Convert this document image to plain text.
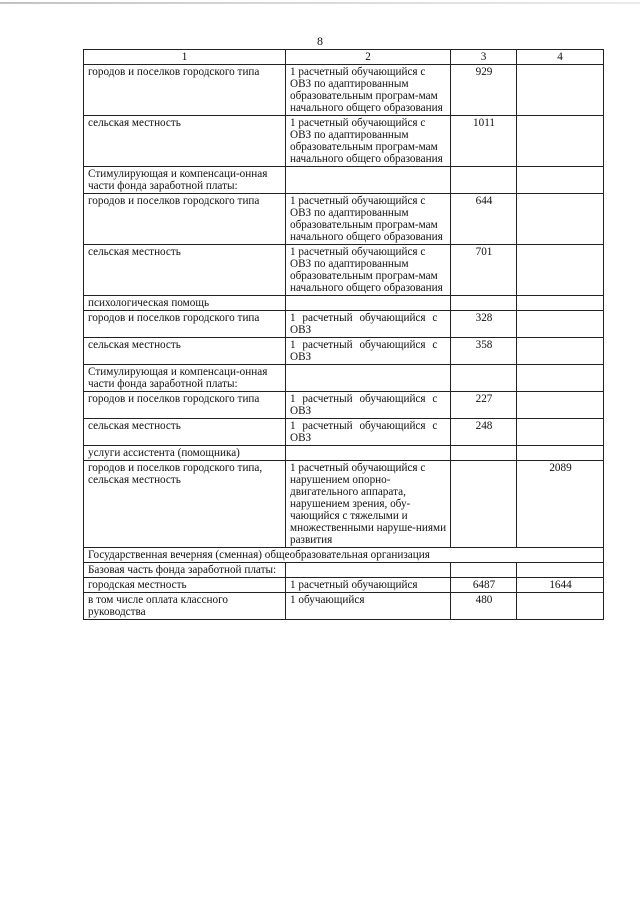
8
1	2	3	4
городов и поселков городского типа	1 расчетный обучающийся с ОВЗ по адаптированным образовательным програм-мам начального общего образования	929	
сельская местность	1 расчетный обучающийся с ОВЗ по адаптированным образовательным програм-мам начального общего образования	1011	
Стимулирующая и компенсаци-онная части фонда заработной платы:			
городов и поселков городского типа	1 расчетный обучающийся с ОВЗ по адаптированным образовательным програм-мам начального общего образования	644	
сельская местность	1 расчетный обучающийся с ОВЗ по адаптированным образовательным програм-мам начального общего образования	701	
психологическая помощь			
городов и поселков городского типа	1 расчетный обучающийся с ОВЗ	328	
сельская местность	1 расчетный обучающийся с ОВЗ	358	
Стимулирующая и компенсаци-онная части фонда заработной платы:			
городов и поселков городского типа	1 расчетный обучающийся с ОВЗ	227	
сельская местность	1 расчетный обучающийся с ОВЗ	248	
услуги ассистента (помощника)			
городов и поселков городского типа, сельская местность	1 расчетный обучающийся с нарушением опорно-двигательного аппарата, нарушением зрения, обу-чающийся с тяжелыми и множественными наруше-ниями развития		2089
Государственная вечерняя (сменная) общеобразовательная организация			
Базовая часть фонда заработной платы:			
городская местность	1 расчетный обучающийся	6487	1644
в том числе оплата классного руководства	1 обучающийся	480	
